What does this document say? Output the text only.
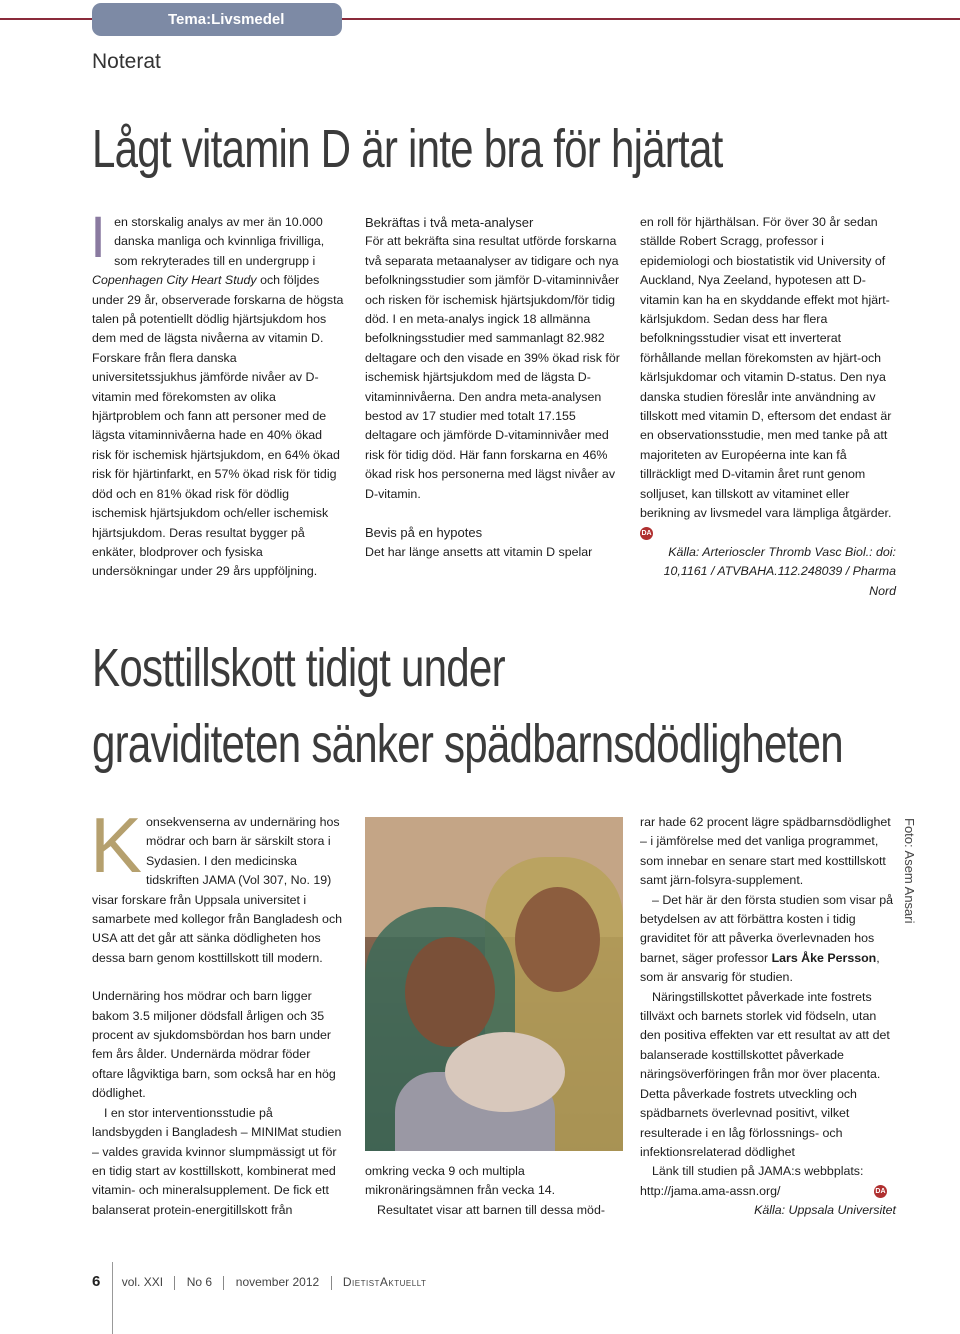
Tema:Livsmedel
Noterat
Lågt vitamin D är inte bra för hjärtat

I en storskalig analys av mer än 10.000 danska manliga och kvinnliga frivilliga, som rekryterades till en undergrupp i Copenhagen City Heart Study och följdes under 29 år, observerade forskarna de högsta talen på potentiellt dödlig hjärtsjukdom hos dem med de lägsta nivåerna av vitamin D. Forskare från flera danska universitetssjukhus jämförde nivåer av D-vitamin med förekomsten av olika hjärtproblem och fann att personer med de lägsta vitaminnivåerna hade en 40% ökad risk för ischemisk hjärtsjukdom, en 64% ökad risk för hjärtinfarkt, en 57% ökad risk för tidig död och en 81% ökad risk för dödlig ischemisk hjärtsjukdom och/eller ischemisk hjärtsjukdom. Deras resultat bygger på enkäter, blodprover och fysiska undersökningar under 29 års uppföljning.

Bekräftas i två meta-analyser

För att bekräfta sina resultat utförde forskarna två separata metaanalyser av tidigare och nya befolkningsstudier som jämför D-vitaminnivåer och risken för ischemisk hjärtsjukdom/för tidig död. I en meta-analys ingick 18 allmänna befolkningsstudier med sammanlagt 82.982 deltagare och den visade en 39% ökad risk för ischemisk hjärtsjukdom med de lägsta D-vitaminnivåerna. Den andra meta-analysen bestod av 17 studier med totalt 17.155 deltagare och jämförde D-vitaminnivåer med risk för tidig död. Här fann forskarna en 46% ökad risk hos personerna med lägst nivåer av D-vitamin.

Bevis på en hypotes

Det har länge ansetts att vitamin D spelar

en roll för hjärthälsan. För över 30 år sedan ställde Robert Scragg, professor i epidemiologi och biostatistik vid University of Auckland, Nya Zeeland, hypotesen att D-vitamin kan ha en skyddande effekt mot hjärt-kärlsjukdom. Sedan dess har flera befolkningsstudier visat ett inverterat förhållande mellan förekomsten av hjärt-och kärlsjukdomar och vitamin D-status. Den nya danska studien föreslår inte användning av tillskott med vitamin D, eftersom det endast är en observationsstudie, men med tanke på att majoriteten av Européerna inte kan få tillräckligt med D-vitamin året runt genom solljuset, kan tillskott av vitaminet eller berikning av livsmedel vara lämpliga åtgärder. DA

Källa: Arterioscler Thromb Vasc Biol.: doi: 10,1161 / ATVBAHA.112.248039 / Pharma Nord

Kosttillskott tidigt under
graviditeten sänker spädbarnsdödligheten

K onsekvenserna av undernäring hos mödrar och barn är särskilt stora i Sydasien. I den medicinska tidskriften JAMA (Vol 307, No. 19) visar forskare från Uppsala universitet i samarbete med kollegor från Bangladesh och USA att det går att sänka dödligheten hos dessa barn genom kosttillskott till modern.

Undernäring hos mödrar och barn ligger bakom 3.5 miljoner dödsfall årligen och 35 procent av sjukdomsbördan hos barn under fem års ålder. Undernärda mödrar föder oftare lågviktiga barn, som också har en hög dödlighet.

I en stor interventionsstudie på landsbygden i Bangladesh – MINIMat studien – valdes gravida kvinnor slumpmässigt ut för en tidig start av kosttillskott, kombinerat med vitamin- och mineralsupplement. De fick ett balanserat protein-energitillskott från

omkring vecka 9 och multipla mikronäringsämnen från vecka 14.

Resultatet visar att barnen till dessa möd-

rar hade 62 procent lägre spädbarnsdödlighet – i jämförelse med det vanliga programmet, som innebar en senare start med kosttillskott samt järn-folsyra-supplement.

– Det här är den första studien som visar på betydelsen av att förbättra kosten i tidig graviditet för att påverka överlevnaden hos barnet, säger professor Lars Åke Persson, som är ansvarig för studien.

Näringstillskottet påverkade inte fostrets tillväxt och barnets storlek vid födseln, utan den positiva effekten var ett resultat av att det balanserade kosttillskottet påverkade näringsöverföringen från mor över placenta. Detta påverkade fostrets utveckling och spädbarnets överlevnad positivt, vilket resulterade i en låg förlossnings- och infektionsrelaterad dödlighet

Länk till studien på JAMA:s webbplats:

http://jama.ama-assn.org/	DA

Källa: Uppsala Universitet

Foto: Asem Ansari
6 vol. XXI No 6 november 2012 DietistAktuellt
